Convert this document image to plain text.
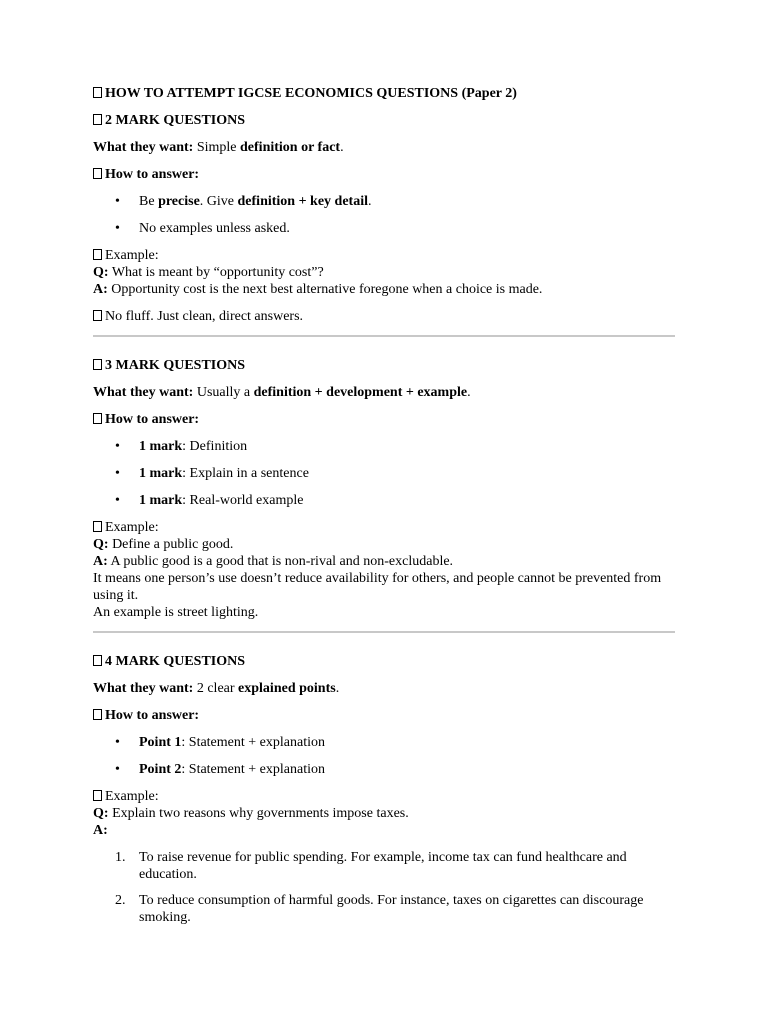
HOW TO ATTEMPT IGCSE ECONOMICS QUESTIONS (Paper 2)
2 MARK QUESTIONS
What they want: Simple definition or fact.
How to answer:
• Be precise. Give definition + key detail.
• No examples unless asked.
Example:
Q: What is meant by “opportunity cost”?
A: Opportunity cost is the next best alternative foregone when a choice is made.
No fluff. Just clean, direct answers.
3 MARK QUESTIONS
What they want: Usually a definition + development + example.
How to answer:
• 1 mark: Definition
• 1 mark: Explain in a sentence
• 1 mark: Real-world example
Example:
Q: Define a public good.
A: A public good is a good that is non-rival and non-excludable.
It means one person’s use doesn’t reduce availability for others, and people cannot be prevented from using it.
An example is street lighting.
4 MARK QUESTIONS
What they want: 2 clear explained points.
How to answer:
• Point 1: Statement + explanation
• Point 2: Statement + explanation
Example:
Q: Explain two reasons why governments impose taxes.
A:
1. To raise revenue for public spending. For example, income tax can fund healthcare and education.
2. To reduce consumption of harmful goods. For instance, taxes on cigarettes can discourage smoking.
